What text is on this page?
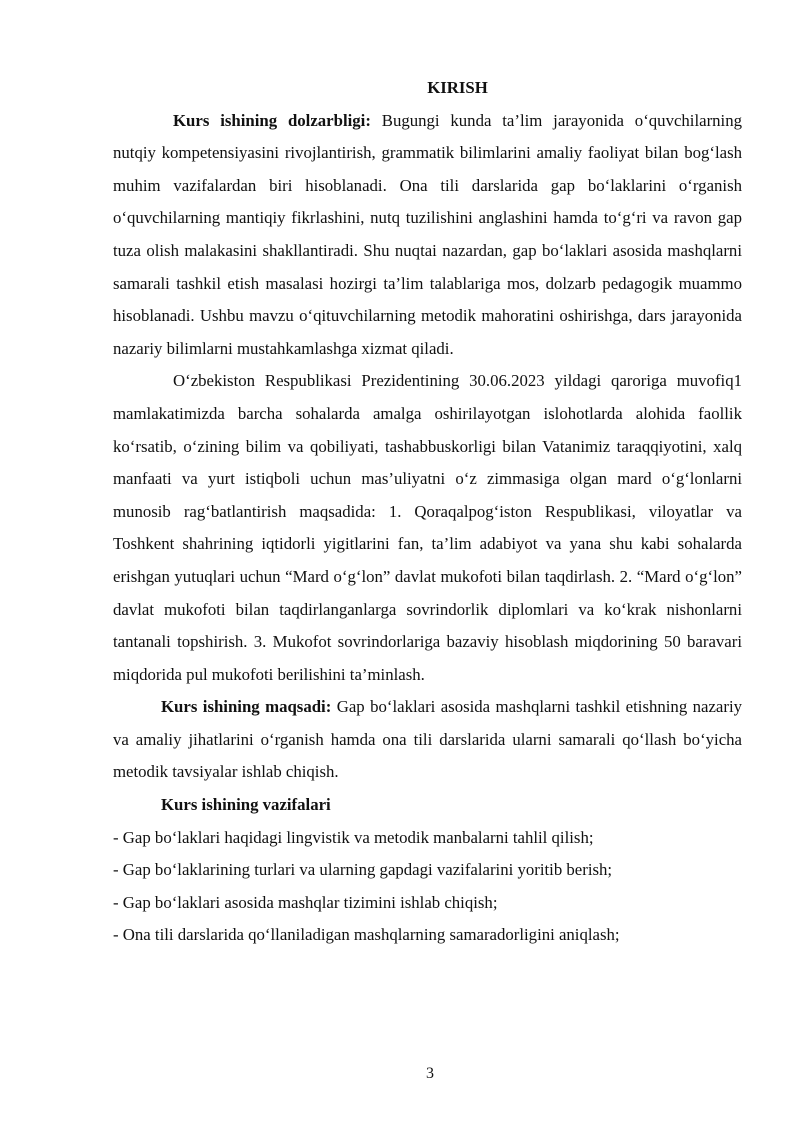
KIRISH

Kurs ishining dolzarbligi: Bugungi kunda ta’lim jarayonida o‘quvchilarning nutqiy kompetensiyasini rivojlantirish, grammatik bilimlarini amaliy faoliyat bilan bog‘lash muhim vazifalardan biri hisoblanadi. Ona tili darslarida gap bo‘laklarini o‘rganish o‘quvchilarning mantiqiy fikrlashini, nutq tuzilishini anglashini hamda to‘g‘ri va ravon gap tuza olish malakasini shakllantiradi. Shu nuqtai nazardan, gap bo‘laklari asosida mashqlarni samarali tashkil etish masalasi hozirgi ta’lim talablariga mos, dolzarb pedagogik muammo hisoblanadi. Ushbu mavzu o‘qituvchilarning metodik mahoratini oshirishga, dars jarayonida nazariy bilimlarni mustahkamlashga xizmat qiladi.

O‘zbekiston Respublikasi Prezidentining 30.06.2023 yildagi qaroriga muvofiq1 mamlakatimizda barcha sohalarda amalga oshirilayotgan islohotlarda alohida faollik ko‘rsatib, o‘zining bilim va qobiliyati, tashabbuskorligi bilan Vatanimiz taraqqiyotini, xalq manfaati va yurt istiqboli uchun mas’uliyatni o‘z zimmasiga olgan mard o‘g‘lonlarni munosib rag‘batlantirish maqsadida: 1. Qoraqalpog‘iston Respublikasi, viloyatlar va Toshkent shahrining iqtidorli yigitlarini fan, ta’lim adabiyot va yana shu kabi sohalarda erishgan yutuqlari uchun “Mard o‘g‘lon” davlat mukofoti bilan taqdirlash. 2. “Mard o‘g‘lon” davlat mukofoti bilan taqdirlanganlarga sovrindorlik diplomlari va ko‘krak nishonlarni tantanali topshirish. 3. Mukofot sovrindorlariga bazaviy hisoblash miqdorining 50 baravari miqdorida pul mukofoti berilishini ta’minlash.

Kurs ishining maqsadi: Gap bo‘laklari asosida mashqlarni tashkil etishning nazariy va amaliy jihatlarini o‘rganish hamda ona tili darslarida ularni samarali qo‘llash bo‘yicha metodik tavsiyalar ishlab chiqish.

Kurs ishining vazifalari

- Gap bo‘laklari haqidagi lingvistik va metodik manbalarni tahlil qilish;

- Gap bo‘laklarining turlari va ularning gapdagi vazifalarini yoritib berish;

- Gap bo‘laklari asosida mashqlar tizimini ishlab chiqish;

- Ona tili darslarida qo‘llaniladigan mashqlarning samaradorligini aniqlash;

3
